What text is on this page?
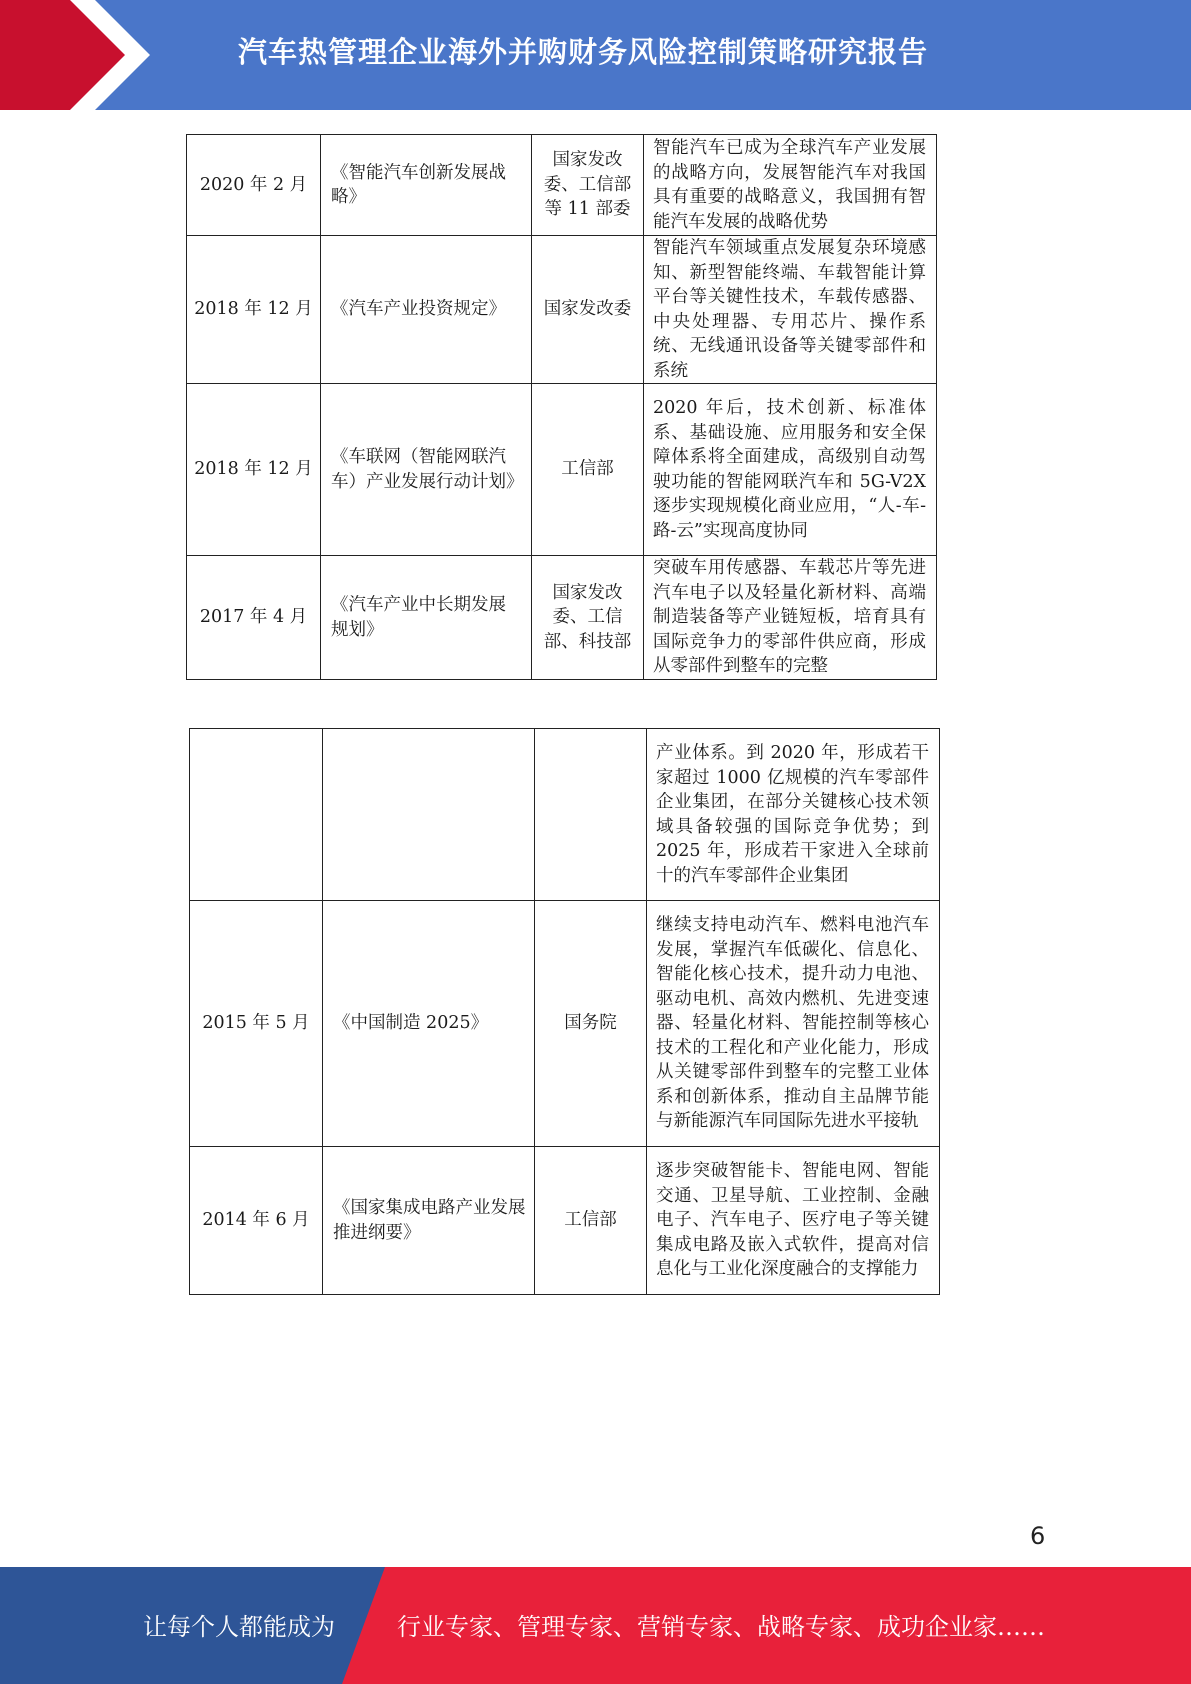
汽车热管理企业海外并购财务风险控制策略研究报告
2020 年 2 月	《智能汽车创新发展战略》	国家发改委、工信部等 11 部委	智能汽车已成为全球汽车产业发展的战略方向，发展智能汽车对我国具有重要的战略意义，我国拥有智能汽车发展的战略优势
2018 年 12 月	《汽车产业投资规定》	国家发改委	智能汽车领域重点发展复杂环境感知、新型智能终端、车载智能计算平台等关键性技术，车载传感器、中央处理器、专用芯片、操作系统、无线通讯设备等关键零部件和系统
2018 年 12 月	《车联网（智能网联汽车）产业发展行动计划》	工信部	2020 年后，技术创新、标准体系、基础设施、应用服务和安全保障体系将全面建成，高级别自动驾驶功能的智能网联汽车和 5G-V2X 逐步实现规模化商业应用，“人-车-路-云”实现高度协同
2017 年 4 月	《汽车产业中长期发展规划》	国家发改委、工信部、科技部	突破车用传感器、车载芯片等先进汽车电子以及轻量化新材料、高端制造装备等产业链短板，培育具有国际竞争力的零部件供应商，形成从零部件到整车的完整
			产业体系。到 2020 年，形成若干家超过 1000 亿规模的汽车零部件企业集团，在部分关键核心技术领域具备较强的国际竞争优势；到 2025 年，形成若干家进入全球前十的汽车零部件企业集团
2015 年 5 月	《中国制造 2025》	国务院	继续支持电动汽车、燃料电池汽车发展，掌握汽车低碳化、信息化、智能化核心技术，提升动力电池、驱动电机、高效内燃机、先进变速器、轻量化材料、智能控制等核心技术的工程化和产业化能力，形成从关键零部件到整车的完整工业体系和创新体系，推动自主品牌节能与新能源汽车同国际先进水平接轨
2014 年 6 月	《国家集成电路产业发展推进纲要》	工信部	逐步突破智能卡、智能电网、智能交通、卫星导航、工业控制、金融电子、汽车电子、医疗电子等关键集成电路及嵌入式软件，提高对信息化与工业化深度融合的支撑能力
6
让每个人都能成为	行业专家、管理专家、营销专家、战略专家、成功企业家……
